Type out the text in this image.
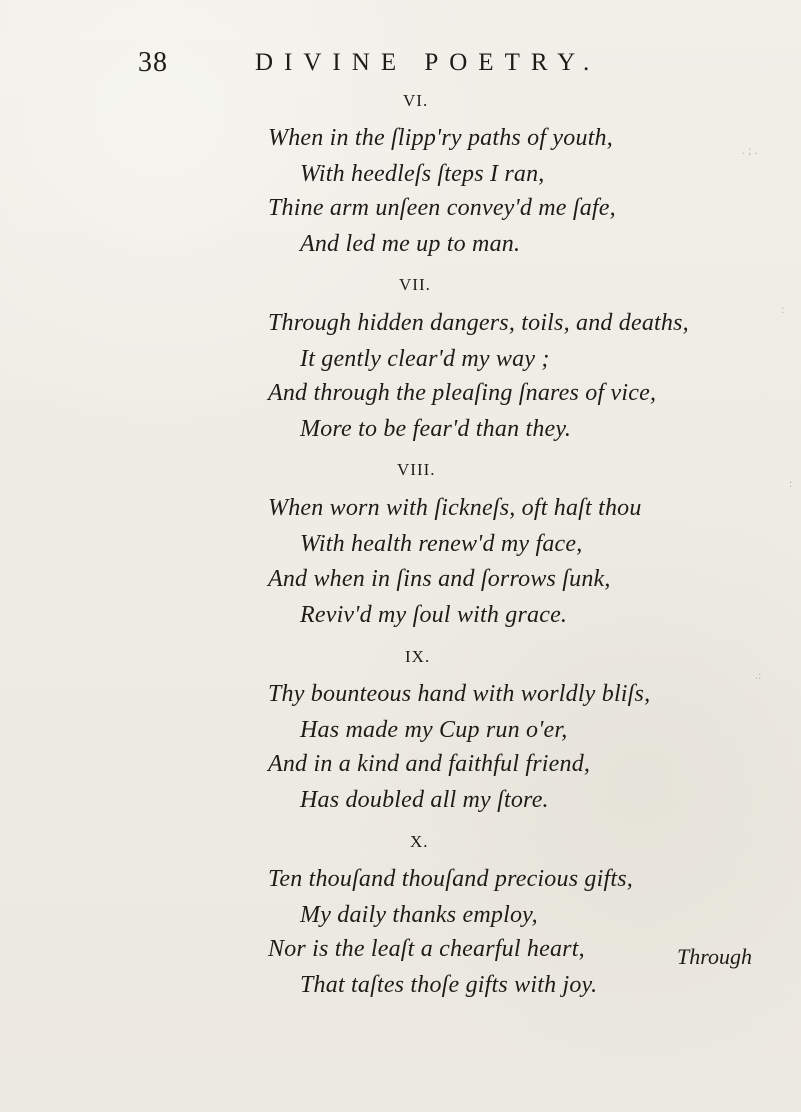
38	DIVINE POETRY.
VI.
When in the ſlipp'ry paths of youth,
With heedleſs ſteps I ran,
Thine arm unſeen convey'd me ſafe,
And led me up to man.
VII.
Through hidden dangers, toils, and deaths,
It gently clear'd my way ;
And through the pleaſing ſnares of vice,
More to be fear'd than they.
VIII.
When worn with ſickneſs, oft haſt thou
With health renew'd my face,
And when in ſins and ſorrows ſunk,
Reviv'd my ſoul with grace.
IX.
Thy bounteous hand with worldly bliſs,
Has made my Cup run o'er,
And in a kind and faithful friend,
Has doubled all my ſtore.
X.
Ten thouſand thouſand precious gifts,
My daily thanks employ,
Nor is the leaſt a chearful heart,
That taſtes thoſe gifts with joy.
Through
. ; .
:
:
.:
